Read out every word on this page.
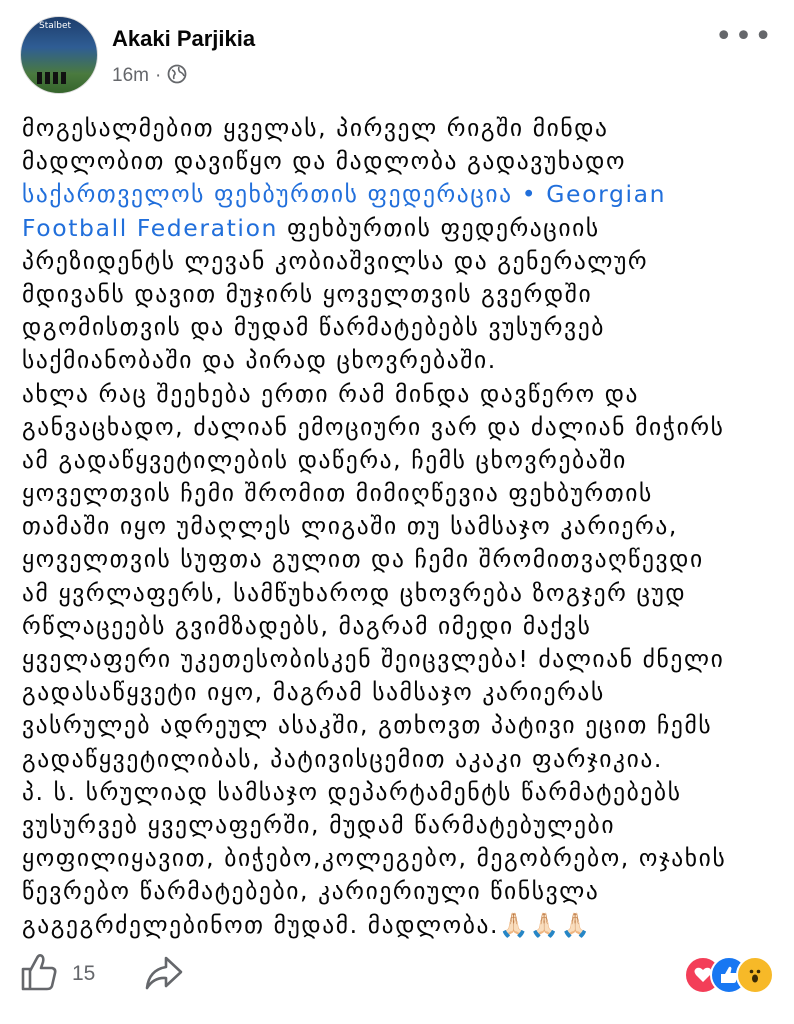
Stalbet	Akaki Parjikia
16m ·
•••
მოგესალმებით ყველას, პირველ რიგში მინდა
მადლობით დავიწყო და მადლობა გადავუხადო
საქართველოს ფეხბურთის ფედერაცია • Georgian
Football Federation ფეხბურთის ფედერაციის
პრეზიდენტს ლევან კობიაშვილსა და გენერალურ
მდივანს დავით მუჯირს ყოველთვის გვერდში
დგომისთვის და მუდამ წარმატებებს ვუსურვებ
საქმიანობაში და პირად ცხოვრებაში.
ახლა რაც შეეხება ერთი რამ მინდა დავწერო და
განვაცხადო, ძალიან ემოციური ვარ და ძალიან მიჭირს
ამ გადაწყვეტილების დაწერა, ჩემს ცხოვრებაში
ყოველთვის ჩემი შრომით მიმიღწევია ფეხბურთის
თამაში იყო უმაღლეს ლიგაში თუ სამსაჯო კარიერა,
ყოველთვის სუფთა გულით და ჩემი შრომითვაღწევდი
ამ ყვრლაფერს, სამწუხაროდ ცხოვრება ზოგჯერ ცუდ
რწლაცეებს გვიმზადებს, მაგრამ იმედი მაქვს
ყველაფერი უკეთესობისკენ შეიცვლება! ძალიან ძნელი
გადასაწყვეტი იყო, მაგრამ სამსაჯო კარიერას
ვასრულებ ადრეულ ასაკში, გთხოვთ პატივი ეცით ჩემს
გადაწყვეტილიბას, პატივისცემით აკაკი ფარჯიკია.
პ. ს. სრულიად სამსაჯო დეპარტამენტს წარმატებებს
ვუსურვებ ყველაფერში, მუდამ წარმატებულები
ყოფილიყავით, ბიჭებო,კოლეგებო, მეგობრებო, ოჯახის
წევრებო წარმატებები, კარიერიული წინსვლა
გაგეგრძელებინოთ მუდამ. მადლობა.🙏🏻🙏🏻🙏🏻
15
